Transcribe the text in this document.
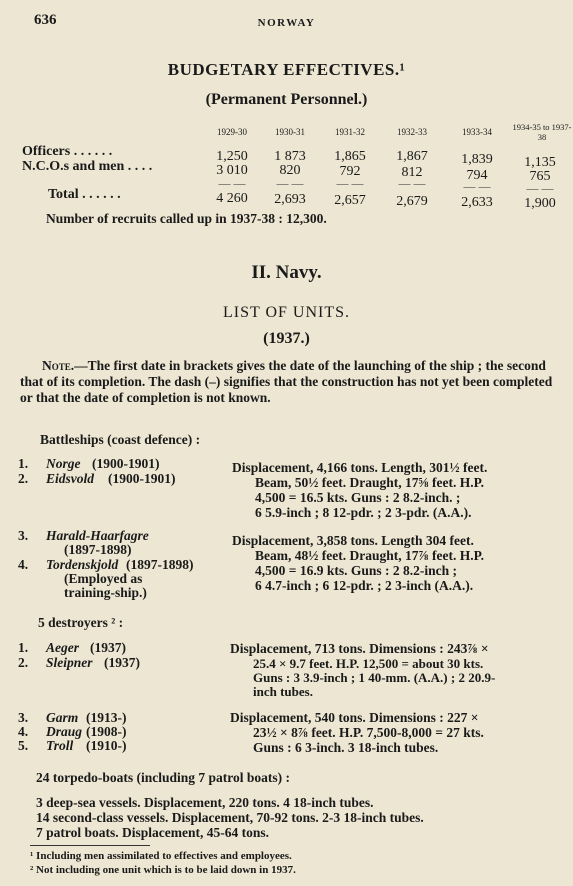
636	NORWAY
BUDGETARY EFFECTIVES.¹
(Permanent Personnel.)
1929-30	1930-31	1931-32	1932-33	1933-34	1934-35 to 1937-38
Officers . . . . . .	1,250	1 873	1,865	1,867	1,839	1,135
N.C.O.s and men . . . .	3 010	820	792	812	794	765
— —	— —	— —	— —	— —	— —
Total . . . . . .	4 260	2,693	2,657	2,679	2,633	1,900
Number of recruits called up in 1937-38 : 12,300.
II. Navy.
LIST OF UNITS.
(1937.)
Note.—The first date in brackets gives the date of the launching of the ship ; the second that of its completion. The dash (–) signifies that the construction has not yet been completed or that the date of completion is not known.
Battleships (coast defence) :
1. Norge (1900-1901)
2. Eidsvold (1900-1901)
Displacement, 4,166 tons. Length, 301½ feet.
Beam, 50½ feet. Draught, 17⅝ feet. H.P.
4,500 = 16.5 kts. Guns : 2 8.2-inch. ;
6 5.9-inch ; 8 12-pdr. ; 2 3-pdr. (A.A.).
3. Harald-Haarfagre
(1897-1898)
4. Tordenskjold (1897-1898)
(Employed as
training-ship.)
Displacement, 3,858 tons. Length 304 feet.
Beam, 48½ feet. Draught, 17⅞ feet. H.P.
4,500 = 16.9 kts. Guns : 2 8.2-inch ;
6 4.7-inch ; 6 12-pdr. ; 2 3-inch (A.A.).
5 destroyers ² :
1. Aeger (1937)
2. Sleipner (1937)
Displacement, 713 tons. Dimensions : 243⅞ ×
25.4 × 9.7 feet. H.P. 12,500 = about 30 kts.
Guns : 3 3.9-inch ; 1 40-mm. (A.A.) ; 2 20.9-
inch tubes.
3. Garm (1913-)
4. Draug (1908-)
5. Troll (1910-)
Displacement, 540 tons. Dimensions : 227 ×
23½ × 8⅞ feet. H.P. 7,500-8,000 = 27 kts.
Guns : 6 3-inch. 3 18-inch tubes.
24 torpedo-boats (including 7 patrol boats) :
3 deep-sea vessels. Displacement, 220 tons. 4 18-inch tubes.
14 second-class vessels. Displacement, 70-92 tons. 2-3 18-inch tubes.
7 patrol boats. Displacement, 45-64 tons.
¹ Including men assimilated to effectives and employees.
² Not including one unit which is to be laid down in 1937.
